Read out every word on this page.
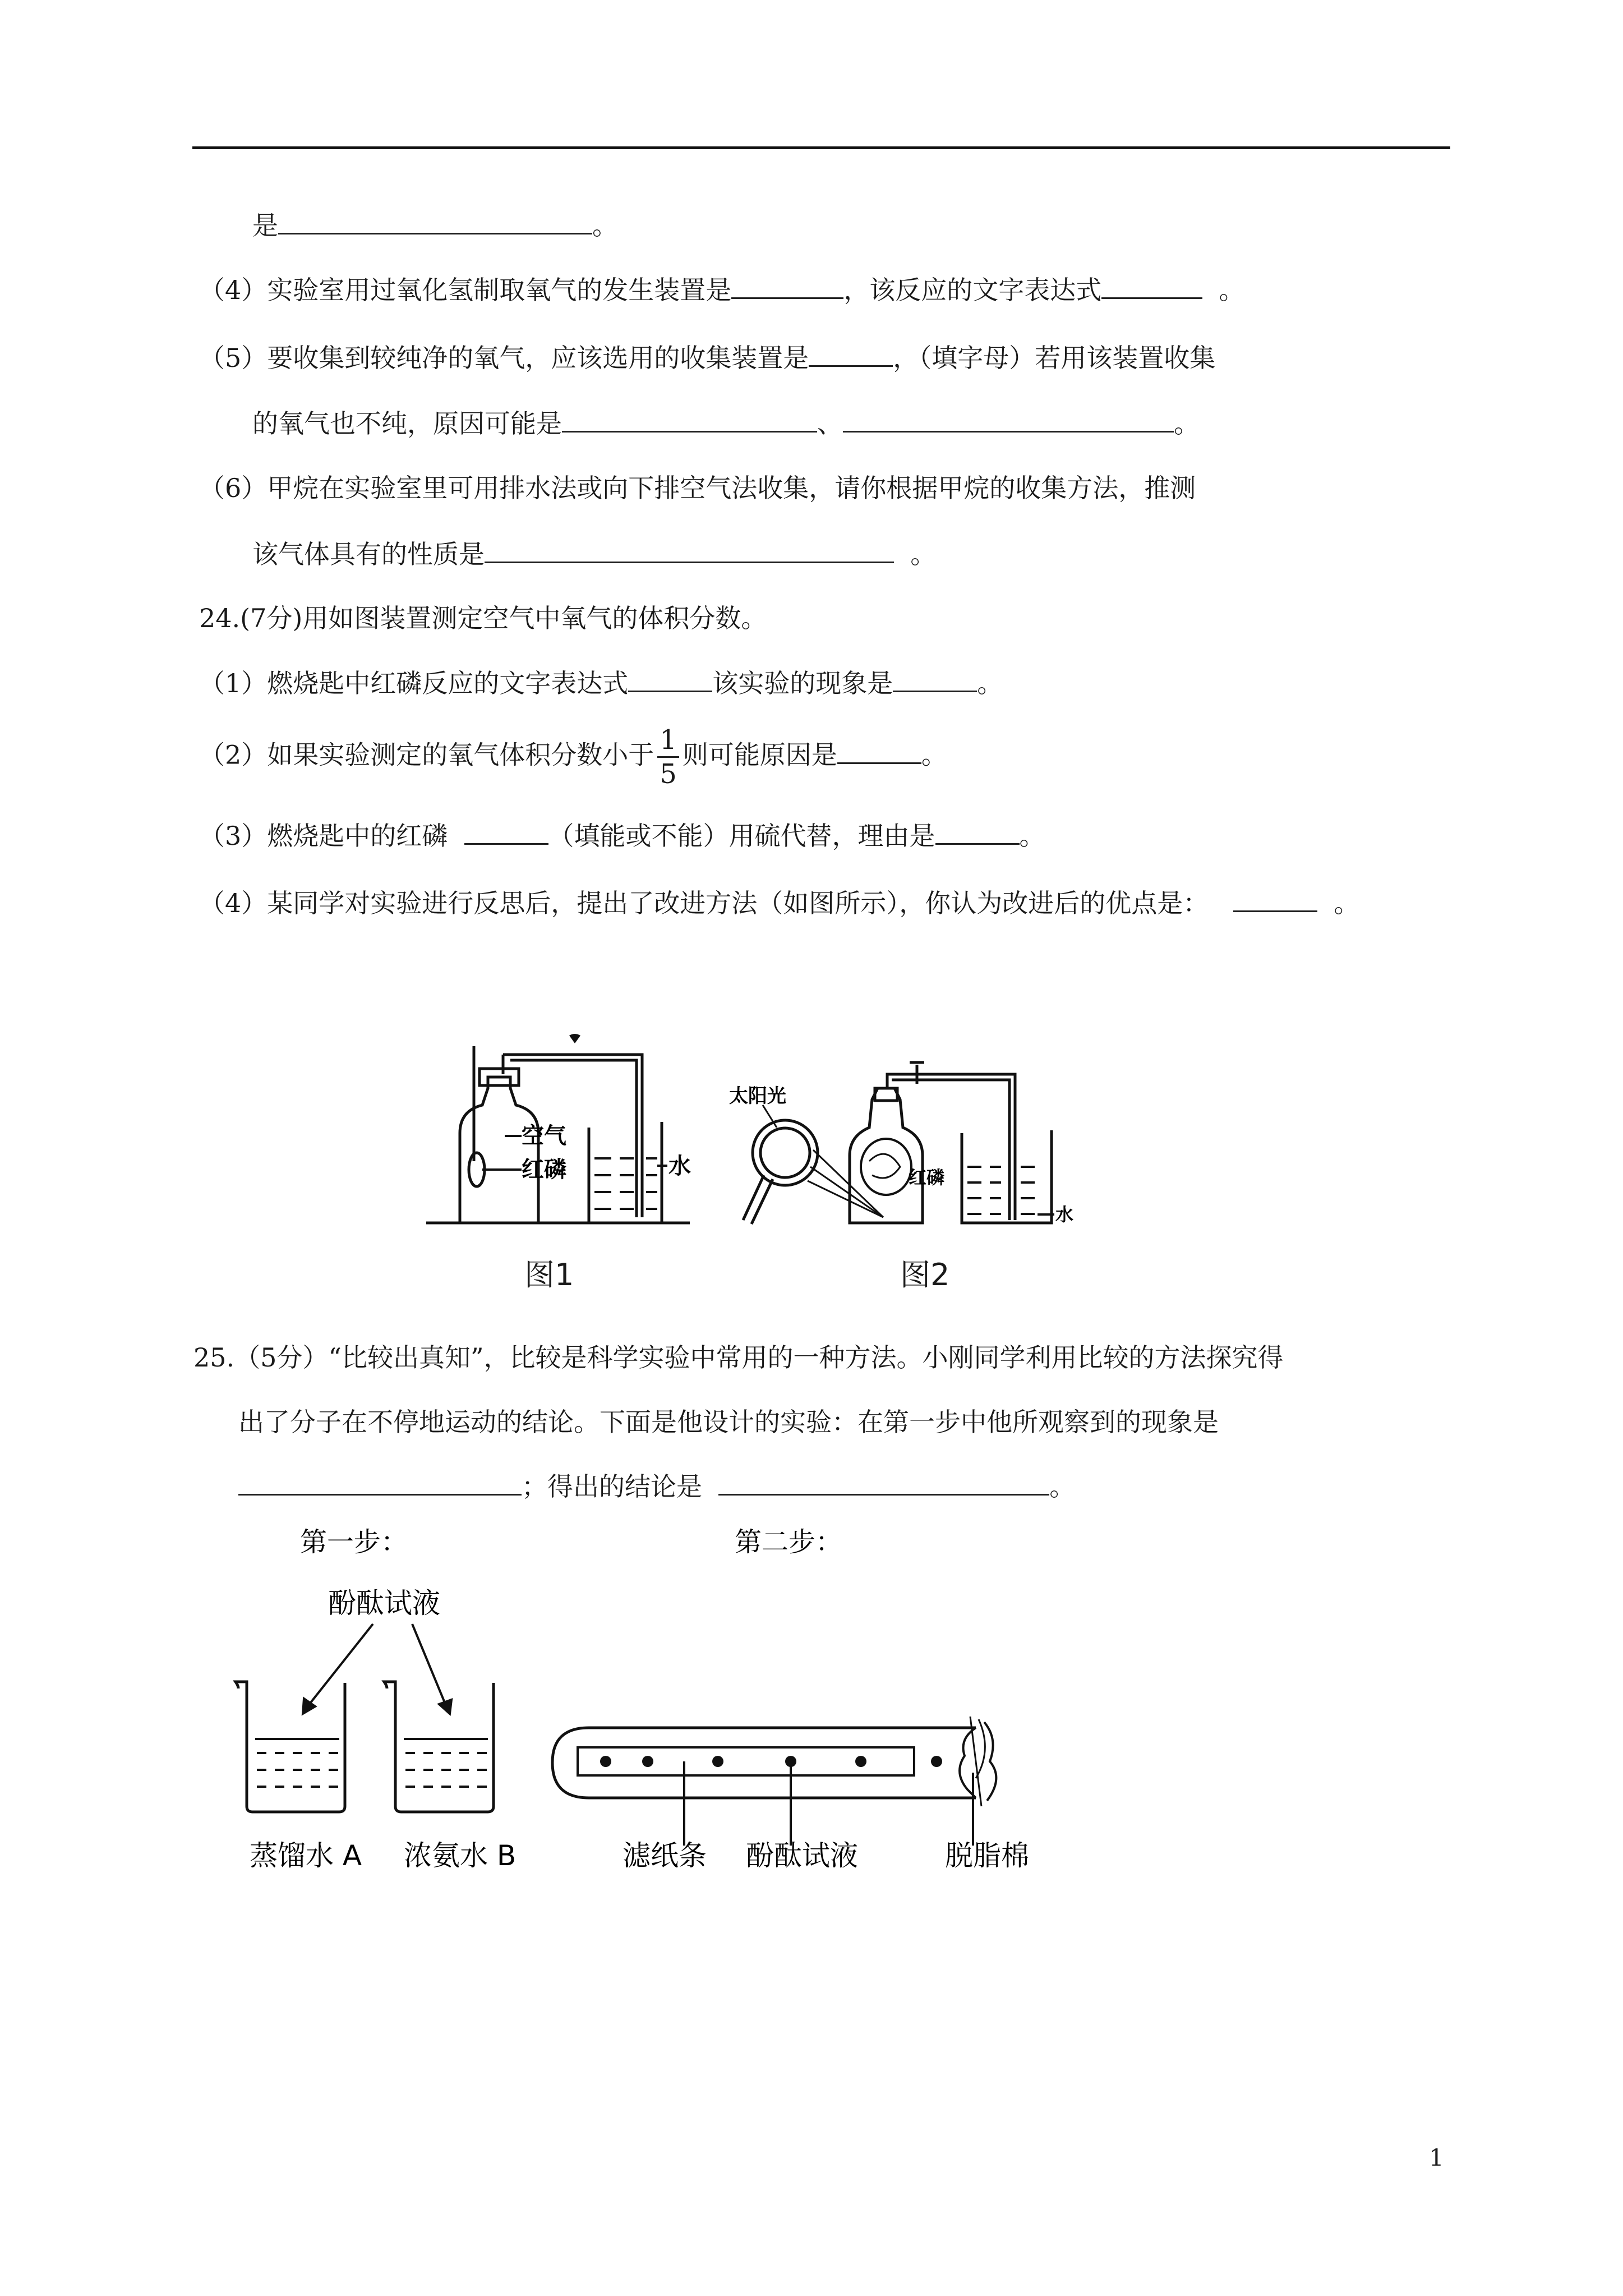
是	。
（4）实验室用过氧化氢制取氧气的发生装置是	，该反应的文字表达式	。
（5）要收集到较纯净的氧气，应该选用的收集装置是	，（填字母）若用该装置收集
的氧气也不纯，原因可能是	、	。
（6）甲烷在实验室里可用排水法或向下排空气法收集，请你根据甲烷的收集方法，推测
该气体具有的性质是	。
24.(7分)用如图装置测定空气中氧气的体积分数。
（1）燃烧匙中红磷反应的文字表达式	该实验的现象是	。
（2）如果实验测定的氧气体积分数小于 $\frac{1}{5}$ 则可能原因是	。
（3）燃烧匙中的红磷	（填能或不能）用硫代替，理由是	。
（4）某同学对实验进行反思后，提出了改进方法（如图所示），你认为改进后的优点是：	。
空气
红磷	水
图1
太阳光
红磷
水
图2
25.（5分）“比较出真知”，比较是科学实验中常用的一种方法。小刚同学利用比较的方法探究得
出了分子在不停地运动的结论。下面是他设计的实验：在第一步中他所观察到的现象是
；得出的结论是	。
第一步：	第二步：
酚酞试液
蒸馏水 A 浓氨水 B	滤纸条 酚酞试液	脱脂棉
1
